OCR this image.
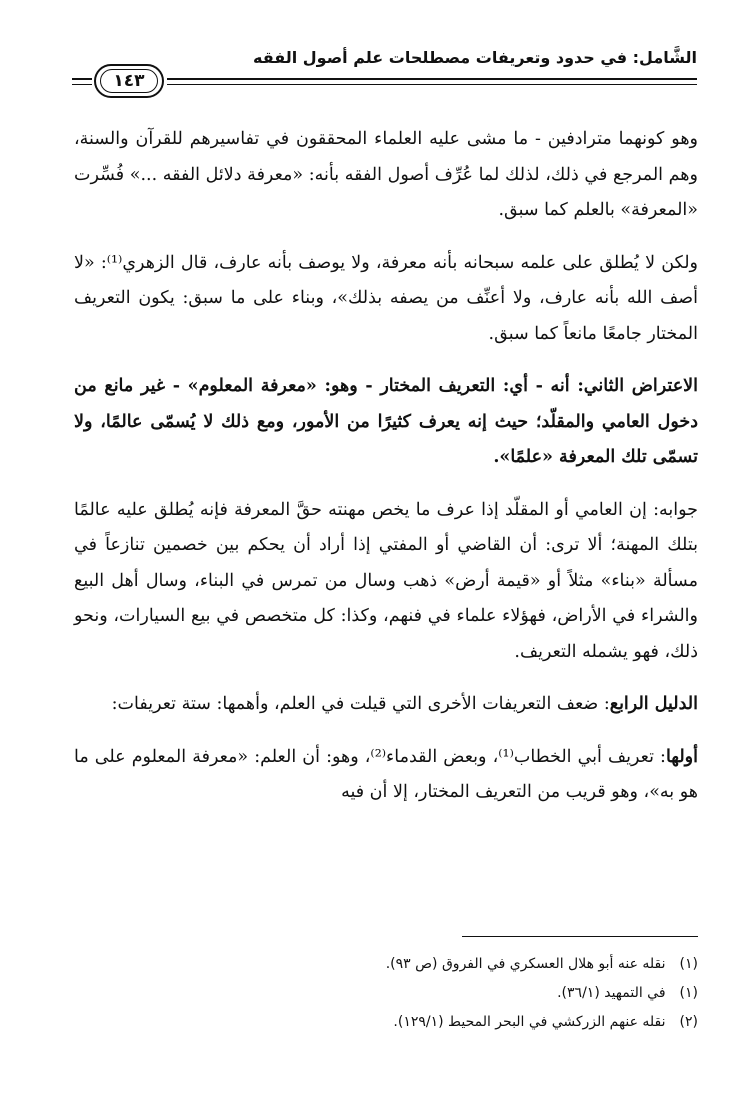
الشَّامل: في حدود وتعريفات مصطلحات علم أصول الفقه
١٤٣

وهو كونهما مترادفين - ما مشى عليه العلماء المحققون في تفاسيرهم للقرآن والسنة، وهم المرجع في ذلك، لذلك لما عُرِّف أصول الفقه بأنه: «معرفة دلائل الفقه ...» فُسِّرت «المعرفة» بالعلم كما سبق.

ولكن لا يُطلق على علمه سبحانه بأنه معرفة، ولا يوصف بأنه عارف، قال الزهري⁽¹⁾: «لا أصف الله بأنه عارف، ولا أعنِّف من يصفه بذلك»، وبناء على ما سبق: يكون التعريف المختار جامعًا مانعاً كما سبق.

الاعتراض الثاني: أنه - أي: التعريف المختار - وهو: «معرفة المعلوم» - غير مانع من دخول العامي والمقلّد؛ حيث إنه يعرف كثيرًا من الأمور، ومع ذلك لا يُسمّى عالمًا، ولا تسمّى تلك المعرفة «علمًا».

جوابه: إن العامي أو المقلّد إذا عرف ما يخص مهنته حقَّ المعرفة فإنه يُطلق عليه عالمًا بتلك المهنة؛ ألا ترى: أن القاضي أو المفتي إذا أراد أن يحكم بين خصمين تنازعاً في مسألة «بناء» مثلاً أو «قيمة أرض» ذهب وسال من تمرس في البناء، وسال أهل البيع والشراء في الأراض، فهؤلاء علماء في فنهم، وكذا: كل متخصص في بيع السيارات، ونحو ذلك، فهو يشمله التعريف.

الدليل الرابع: ضعف التعريفات الأخرى التي قيلت في العلم، وأهمها: ستة تعريفات:

أولها: تعريف أبي الخطاب⁽¹⁾، وبعض القدماء⁽²⁾، وهو: أن العلم: «معرفة المعلوم على ما هو به»، وهو قريب من التعريف المختار، إلا أن فيه

(١) نقله عنه أبو هلال العسكري في الفروق (ص ٩٣).
(١) في التمهيد (٣٦/١).
(٢) نقله عنهم الزركشي في البحر المحيط (١٢٩/١).
